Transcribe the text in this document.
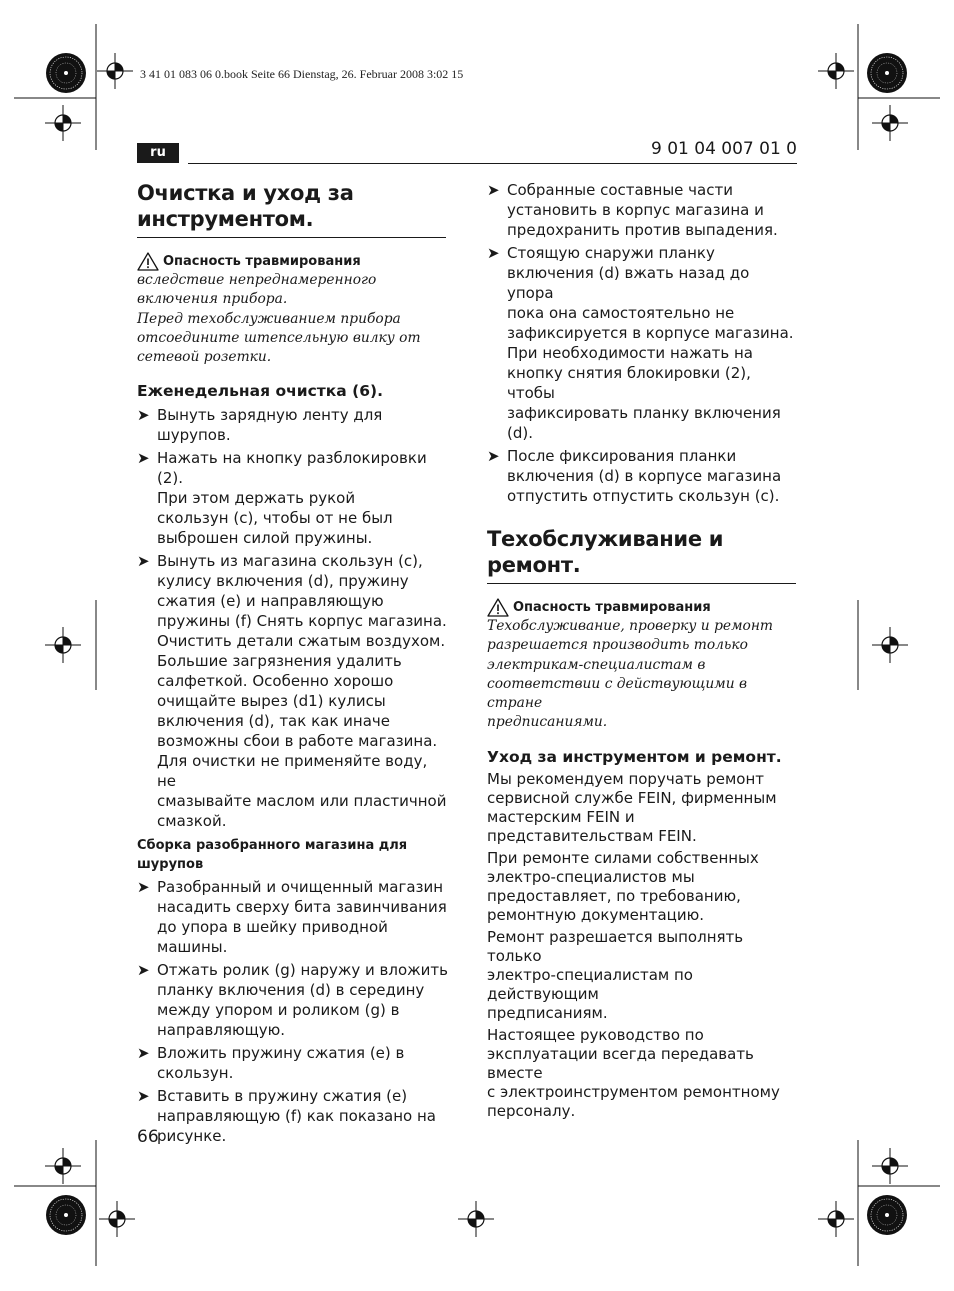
3 41 01 083 06 0.book Seite 66 Dienstag, 26. Februar 2008 3:02 15
ru	9 01 04 007 01 0
Очистка и уход за
инструментом.
Опасность травмирования
вследствие непреднамеренного
включения прибора.
Перед техобслуживанием прибора
отсоедините штепсельную вилку от
сетевой розетки.
Еженедельная очистка (6).
➤ Вынуть зарядную ленту для шурупов.
➤ Нажать на кнопку разблокировки (2).
При этом держать рукой
скользун (с), чтобы от не был
выброшен силой пружины.
➤ Вынуть из магазина скользун (с),
кулису включения (d), пружину
сжатия (е) и направляющую
пружины (f) Снять корпус магазина.
Очистить детали сжатым воздухом.
Большие загрязнения удалить
салфеткой. Особенно хорошо
очищайте вырез (d1) кулисы
включения (d), так как иначе
возможны сбои в работе магазина.
Для очистки не применяйте воду, не
смазывайте маслом или пластичной
смазкой.
Сборка разобранного магазина для
шурупов
➤ Разобранный и очищенный магазин
насадить сверху бита завинчивания
до упора в шейку приводной
машины.
➤ Отжать ролик (g) наружу и вложить
планку включения (d) в середину
между упором и роликом (g) в
направляющую.
➤ Вложить пружину сжатия (е) в
скользун.
➤ Вставить в пружину сжатия (е)
направляющую (f) как показано на
рисунке.
➤ Собранные составные части
установить в корпус магазина и
предохранить против выпадения.
➤ Стоящую снаружи планку
включения (d) вжать назад до упора
пока она самостоятельно не
зафиксируется в корпусе магазина.
При необходимости нажать на
кнопку снятия блокировки (2), чтобы
зафиксировать планку включения (d).
➤ После фиксирования планки
включения (d) в корпусе магазина
отпустить отпустить скользун (с).
Техобслуживание и ремонт.
Опасность травмирования
Техобслуживание, проверку и ремонт
разрешается производить только
электрикам-специалистам в
соответствии с действующими в стране
предписаниями.
Уход за инструментом и ремонт.

Мы рекомендуем поручать ремонт
сервисной службе FEIN, фирменным
мастерским FEIN и
представительствам FEIN.

При ремонте силами собственных
электро-специалистов мы
предоставляет, по требованию,
ремонтную документацию.

Ремонт разрешается выполнять только
электро-специалистам по действующим
предписаниям.

Настоящее руководство по
эксплуатации всегда передавать вместе
с электроинструментом ремонтному
персоналу.

66
